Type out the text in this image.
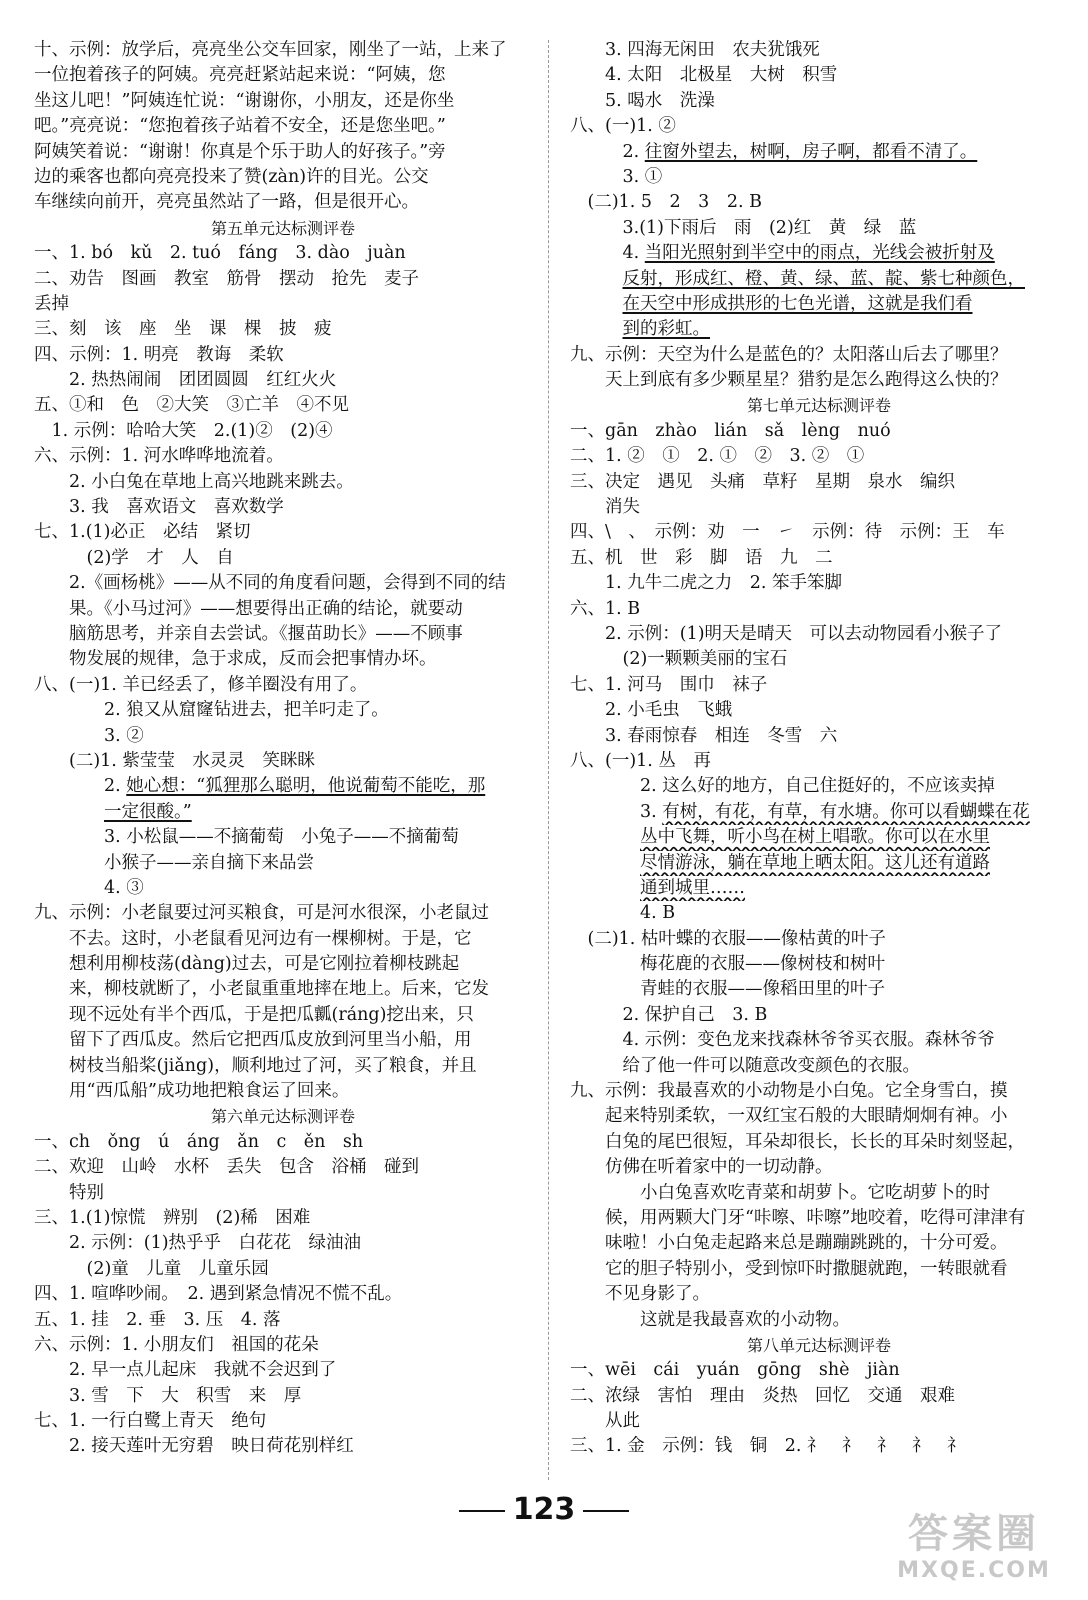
十、示例：放学后，亮亮坐公交车回家，刚坐了一站，上来了
一位抱着孩子的阿姨。亮亮赶紧站起来说：“阿姨，您
坐这儿吧！”阿姨连忙说：“谢谢你，小朋友，还是你坐
吧。”亮亮说：“您抱着孩子站着不安全，还是您坐吧。”
阿姨笑着说：“谢谢！你真是个乐于助人的好孩子。”旁
边的乘客也都向亮亮投来了赞(zàn)许的目光。公交
车继续向前开，亮亮虽然站了一路，但是很开心。
第五单元达标测评卷
一、1. bó　kǔ　2. tuó　fáng　3. dào　juàn
二、劝告　图画　教室　筋骨　摆动　抢先　麦子
丢掉
三、刻　该　座　坐　课　棵　披　疲
四、示例：1. 明亮　教诲　柔软
　　2. 热热闹闹　团团圆圆　红红火火
五、①和　色　②大笑　③亡羊　④不见
　1. 示例：哈哈大笑　2.(1)②　(2)④
六、示例：1. 河水哗哗地流着。
　　2. 小白兔在草地上高兴地跳来跳去。
　　3. 我　喜欢语文　喜欢数学
七、1.(1)必正　必结　紧切
　　　(2)学　才　人　自
　　2.《画杨桃》——从不同的角度看问题，会得到不同的结
　　果。《小马过河》——想要得出正确的结论，就要动
　　脑筋思考，并亲自去尝试。《揠苗助长》——不顾事
　　物发展的规律，急于求成，反而会把事情办坏。
八、(一)1. 羊已经丢了，修羊圈没有用了。
　　　　2. 狼又从窟窿钻进去，把羊叼走了。
　　　　3. ②
　　(二)1. 紫莹莹　水灵灵　笑眯眯
　　　　2. 她心想：“狐狸那么聪明，他说葡萄不能吃，那
　　　　一定很酸。”
　　　　3. 小松鼠——不摘葡萄　小兔子——不摘葡萄
　　　　小猴子——亲自摘下来品尝
　　　　4. ③
九、示例：小老鼠要过河买粮食，可是河水很深，小老鼠过
　　不去。这时，小老鼠看见河边有一棵柳树。于是，它
　　想利用柳枝荡(dàng)过去，可是它刚拉着柳枝跳起
　　来，柳枝就断了，小老鼠重重地摔在地上。后来，它发
　　现不远处有半个西瓜，于是把瓜瓤(ráng)挖出来，只
　　留下了西瓜皮。然后它把西瓜皮放到河里当小船，用
　　树枝当船桨(jiǎng)，顺利地过了河，买了粮食，并且
　　用“西瓜船”成功地把粮食运了回来。
第六单元达标测评卷
一、ch　ǒng　ú　áng　ǎn　c　ěn　sh
二、欢迎　山岭　水杯　丢失　包含　浴桶　碰到
　　特别
三、1.(1)惊慌　辨别　(2)稀　困难
　　2. 示例：(1)热乎乎　白花花　绿油油
　　　(2)童　儿童　儿童乐园
四、1. 喧哗吵闹。　2. 遇到紧急情况不慌不乱。
五、1. 挂　2. 垂　3. 压　4. 落
六、示例：1. 小朋友们　祖国的花朵
　　2. 早一点儿起床　我就不会迟到了
　　3. 雪　下　大　积雪　来　厚
七、1. 一行白鹭上青天　绝句
　　2. 接天莲叶无穷碧　映日荷花别样红
　　3. 四海无闲田　农夫犹饿死
　　4. 太阳　北极星　大树　积雪
　　5. 喝水　洗澡
八、(一)1. ②
　　　2. 往窗外望去，树啊，房子啊，都看不清了。
　　　3. ①
　(二)1. 5　2　3　2. B
　　　3.(1)下雨后　雨　(2)红　黄　绿　蓝
　　　4. 当阳光照射到半空中的雨点，光线会被折射及
　　　反射，形成红、橙、黄、绿、蓝、靛、紫七种颜色，
　　　在天空中形成拱形的七色光谱，这就是我们看
　　　到的彩虹。
九、示例：天空为什么是蓝色的？太阳落山后去了哪里？
　　天上到底有多少颗星星？猎豹是怎么跑得这么快的？
第七单元达标测评卷
一、gān　zhào　lián　sǎ　lèng　nuó
二、1. ②　①　2. ①　②　3. ②　①
三、决定　遇见　头痛　草籽　星期　泉水　编织
　　消失
四、\　、　示例：劝　一　㇀　示例：待　示例：王　车
五、机　世　彩　脚　语　九　二
　　1. 九牛二虎之力　2. 笨手笨脚
六、1. B
　　2. 示例：(1)明天是晴天　可以去动物园看小猴子了
　　　(2)一颗颗美丽的宝石
七、1. 河马　围巾　袜子
　　2. 小毛虫　飞蛾
　　3. 春雨惊春　相连　冬雪　六
八、(一)1. 丛　再
　　　　2. 这么好的地方，自己住挺好的，不应该卖掉
　　　　3. 有树，有花，有草，有水塘。你可以看蝴蝶在花
　　　　丛中飞舞，听小鸟在树上唱歌。你可以在水里
　　　　尽情游泳，躺在草地上晒太阳。这儿还有道路
　　　　通到城里……
　　　　4. B
　(二)1. 枯叶蝶的衣服——像枯黄的叶子
　　　　梅花鹿的衣服——像树枝和树叶
　　　　青蛙的衣服——像稻田里的叶子
　　　2. 保护自己　3. B
　　　4. 示例：变色龙来找森林爷爷买衣服。森林爷爷
　　　给了他一件可以随意改变颜色的衣服。
九、示例：我最喜欢的小动物是小白兔。它全身雪白，摸
　　起来特别柔软，一双红宝石般的大眼睛炯炯有神。小
　　白兔的尾巴很短，耳朵却很长，长长的耳朵时刻竖起，
　　仿佛在听着家中的一切动静。
　　　　小白兔喜欢吃青菜和胡萝卜。它吃胡萝卜的时
　　候，用两颗大门牙“咔嚓、咔嚓”地咬着，吃得可津津有
　　味啦！小白兔走起路来总是蹦蹦跳跳的，十分可爱。
　　它的胆子特别小，受到惊吓时撒腿就跑，一转眼就看
　　不见身影了。
　　　　这就是我最喜欢的小动物。
第八单元达标测评卷
一、wēi　cái　yuán　gōng　shè　jiàn
二、浓绿　害怕　理由　炎热　回忆　交通　艰难
　　从此
三、1. 金　示例：钱　铜　2. 礻　礻　礻　礻　礻
123
答案圈
MXQE.COM
